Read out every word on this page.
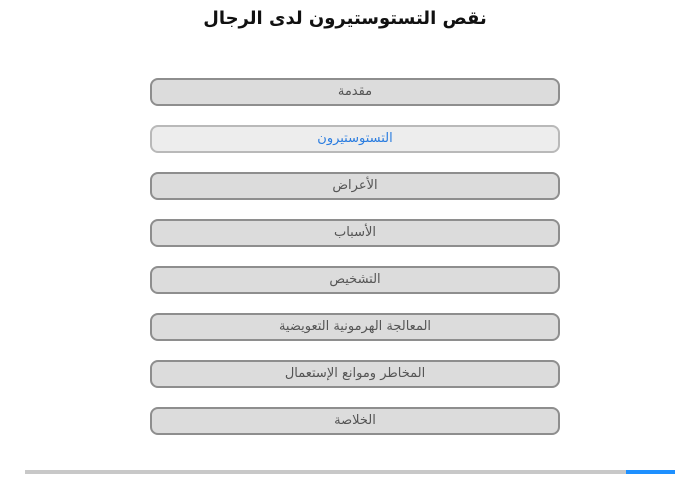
نقص التستوستيرون لدى الرجال
مقدمة
التستوستيرون
الأعراض
الأسباب
التشخيص
المعالجة الهرمونية التعويضية
المخاطر وموانع الإستعمال
الخلاصة
